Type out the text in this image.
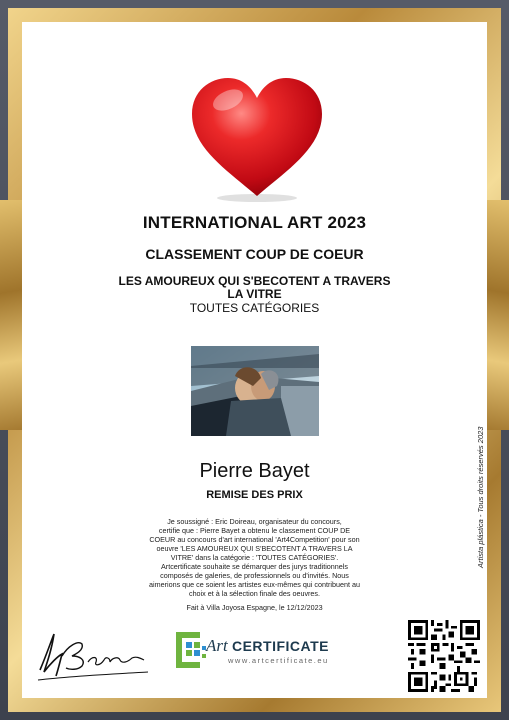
INTERNATIONAL ART 2023
CLASSEMENT COUP DE COEUR
LES AMOUREUX QUI S'BECOTENT A TRAVERS
LA VITRE
TOUTES CATÉGORIES
Pierre Bayet
REMISE DES PRIX
Je soussigné : Eric Doireau, organisateur du concours,
certifie que : Pierre Bayet a obtenu le classement COUP DE
COEUR au concours d'art international 'Art4Competition' pour son
oeuvre 'LES AMOUREUX QUI S'BECOTENT A TRAVERS LA
VITRE' dans la catégorie : 'TOUTES CATÉGORIES'.
Artcertificate souhaite se démarquer des jurys traditionnels
composés de galeries, de professionnels ou d'invités. Nous
aimerions que ce soient les artistes eux-mêmes qui contribuent au
choix et à la sélection finale des oeuvres.
Fait à Villa Joyosa Espagne, le 12/12/2023
Artista plástica - Tous droits réservés 2023
Art CERTIFICATE
www.artcertificate.eu
